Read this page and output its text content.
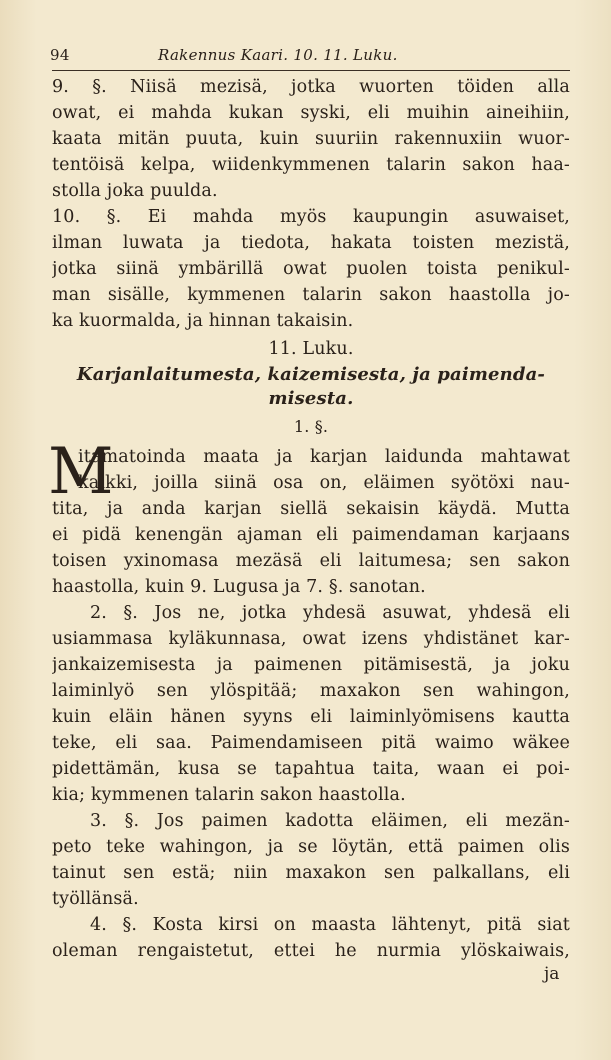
94	Rakennus Kaari. 10. 11. Luku.
9. §. Niisä mezisä, jotka wuorten töiden alla
owat, ei mahda kukan syski, eli muihin aineihiin,
kaata mitän puuta, kuin suuriin rakennuxiin wuor-
tentöisä kelpa, wiidenkymmenen talarin sakon haa-
stolla joka puulda.
10. §. Ei mahda myös kaupungin asuwaiset,
ilman luwata ja tiedota, hakata toisten mezistä,
jotka siinä ymbärillä owat puolen toista penikul-
man sisälle, kymmenen talarin sakon haastolla jo-
ka kuormalda, ja hinnan takaisin.
11. Luku.
Karjanlaitumesta, kaizemisesta, ja paimenda-
misesta.
1. §.
M
itamatoinda maata ja karjan laidunda mahtawat
kaikki, joilla siinä osa on, eläimen syötöxi nau-
tita, ja anda karjan siellä sekaisin käydä. Mutta
ei pidä kenengän ajaman eli paimendaman karjaans
toisen yxinomasa mezäsä eli laitumesa; sen sakon
haastolla, kuin 9. Lugusa ja 7. §. sanotan.
2. §. Jos ne, jotka yhdesä asuwat, yhdesä eli
usiammasa kyläkunnasa, owat izens yhdistänet kar-
jankaizemisesta ja paimenen pitämisestä, ja joku
laiminlyö sen ylöspitää; maxakon sen wahingon,
kuin eläin hänen syyns eli laiminlyömisens kautta
teke, eli saa. Paimendamiseen pitä waimo wäkee
pidettämän, kusa se tapahtua taita, waan ei poi-
kia; kymmenen talarin sakon haastolla.
3. §. Jos paimen kadotta eläimen, eli mezän-
peto teke wahingon, ja se löytän, että paimen olis
tainut sen estä; niin maxakon sen palkallans, eli
työllänsä.
4. §. Kosta kirsi on maasta lähtenyt, pitä siat
oleman rengaistetut, ettei he nurmia ylöskaiwais,
ja
